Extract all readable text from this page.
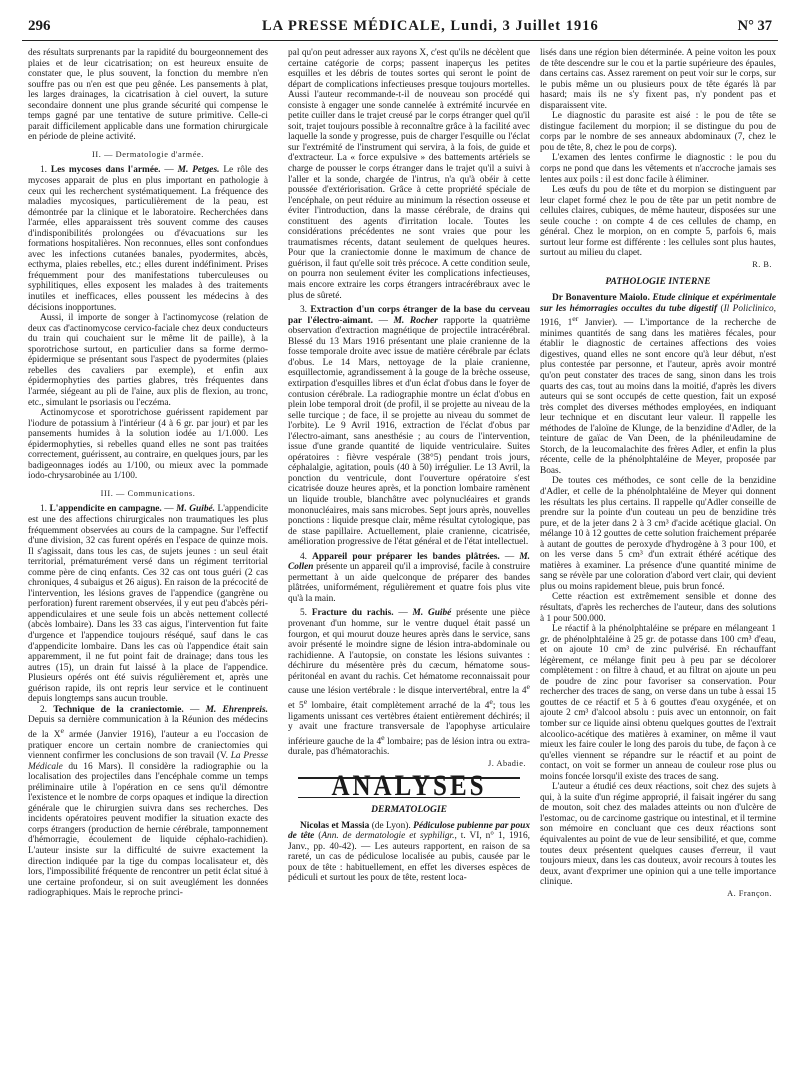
296	LA PRESSE MÉDICALE, Lundi, 3 Juillet 1916	N° 37

des résultats surprenants par la rapidité du bourgeonnement des plaies et de leur cicatrisation; on est heureux ensuite de constater que, le plus souvent, la fonction du membre n'en souffre pas ou n'en est que peu gênée. Les pansements à plat, les larges drainages, la cicatrisation à ciel ouvert, la suture secondaire donnent une plus grande sécurité qui compense le temps gagné par une tentative de suture primitive. Celle-ci parait difficilement applicable dans une formation chirurgicale en période de pleine activité.

II. — Dermatologie d'armée.

1. Les mycoses dans l'armée. — M. Petges. Le rôle des mycoses apparait de plus en plus important en pathologie à ceux qui les recherchent systématiquement. La fréquence des maladies mycosiques, particulièrement de la peau, est démontrée par la clinique et le laboratoire. Recherchées dans l'armée, elles apparaissent très souvent comme des causes d'indisponibilités prolongées ou d'évacuations sur les formations hospitalières. Non reconnues, elles sont confondues avec les infections cutanées banales, pyodermites, abcès, ecthyma, plaies rebelles, etc.; elles durent indéfiniment. Prises fréquemment pour des manifestations tuberculeuses ou syphilitiques, elles exposent les malades à des traitements inutiles et inefficaces, elles poussent les médecins à des décisions inopportunes.

Aussi, il importe de songer à l'actinomycose (relation de deux cas d'actinomycose cervico-faciale chez deux conducteurs du train qui couchaient sur le même lit de paille), à la sporotrichose surtout, en particulier dans sa forme dermo-épidermique se présentant sous l'aspect de pyodermites (plaies rebelles des cavaliers par exemple), et enfin aux épidermophyties des parties glabres, très fréquentes dans l'armée, siégeant au pli de l'aine, aux plis de flexion, au tronc, etc., simulant le psoriasis ou l'eczéma.

Actinomycose et sporotrichose guérissent rapidement par l'iodure de potassium à l'intérieur (4 à 6 gr. par jour) et par les pansements humides à la solution iodée au 1/1.000. Les épidermophyties, si rebelles quand elles ne sont pas traitées correctement, guérissent, au contraire, en quelques jours, par les badigeonnages iodés au 1/100, ou mieux avec la pommade iodo-chrysarobinée au 1/100.

III. — Communications.

1. L'appendicite en campagne. — M. Guibé. L'appendicite est une des affections chirurgicales non traumatiques les plus fréquemment observées au cours de la campagne. Sur l'effectif d'une division, 32 cas furent opérés en l'espace de quinze mois. Il s'agissait, dans tous les cas, de sujets jeunes : un seul était territorial, prématurément versé dans un régiment territorial comme père de cinq enfants. Ces 32 cas ont tous guéri (2 cas chroniques, 4 subaigus et 26 aigus). En raison de la précocité de l'intervention, les lésions graves de l'appendice (gangrène ou perforation) furent rarement observées, il y eut peu d'abcès péri-appendiculaires et une seule fois un abcès nettement collecté (abcès lombaire). Dans les 33 cas aigus, l'intervention fut faite d'urgence et l'appendice toujours réséqué, sauf dans le cas d'appendicite lombaire. Dans les cas où l'appendice était sain apparemment, il ne fut point fait de drainage; dans tous les autres (15), un drain fut laissé à la place de l'appendice. Plusieurs opérés ont été suivis régulièrement et, après une guérison rapide, ils ont repris leur service et le continuent depuis longtemps sans aucun trouble.

2. Technique de la craniectomie. — M. Ehrenpreis. Depuis sa dernière communication à la Réunion des médecins de la Xe armée (Janvier 1916), l'auteur a eu l'occasion de pratiquer encore un certain nombre de craniectomies qui viennent confirmer les conclusions de son travail (V. La Presse Médicale du 16 Mars). Il considère la radiographie ou la localisation des projectiles dans l'encéphale comme un temps préliminaire utile à l'opération en ce sens qu'il démontre l'existence et le nombre de corps opaques et indique la direction générale que le chirurgien suivra dans ses recherches. Des incidents opératoires peuvent modifier la situation exacte des corps étrangers (production de hernie cérébrale, tamponnement d'hémorragie, écoulement de liquide céphalo-rachidien). L'auteur insiste sur la difficulté de suivre exactement la direction indiquée par la tige du compas localisateur et, dès lors, l'impossibilité fréquente de rencontrer un petit éclat situé à une certaine profondeur, si on suit aveuglément les données radiographiques. Mais le reproche princi-

pal qu'on peut adresser aux rayons X, c'est qu'ils ne décèlent que certaine catégorie de corps; passent inaperçus les petites esquilles et les débris de toutes sortes qui seront le point de départ de complications infectieuses presque toujours mortelles. Aussi l'auteur recommande-t-il de nouveau son procédé qui consiste à engager une sonde cannelée à extrémité incurvée en petite cuiller dans le trajet creusé par le corps étranger quel qu'il soit, trajet toujours possible à reconnaître grâce à la facilité avec laquelle la sonde y progresse, puis de charger l'esquille ou l'éclat sur l'extrémité de l'instrument qui servira, à la fois, de guide et d'extracteur. La « force expulsive » des battements artériels se charge de pousser le corps étranger dans le trajet qu'il a suivi à l'aller et la sonde, chargée de l'intrus, n'a qu'à obéir à cette poussée d'extériorisation. Grâce à cette propriété spéciale de l'encéphale, on peut réduire au minimum la résection osseuse et éviter l'introduction, dans la masse cérébrale, de drains qui constituent des agents d'irritation locale. Toutes les considérations précédentes ne sont vraies que pour les traumatismes récents, datant seulement de quelques heures. Pour que la craniectomie donne le maximum de chance de guérison, il faut qu'elle soit très précoce. A cette condition seule, on pourra non seulement éviter les complications infectieuses, mais encore extraire les corps étrangers intracérébraux avec le plus de sûreté.

3. Extraction d'un corps étranger de la base du cerveau par l'électro-aimant. — M. Rocher rapporte la quatrième observation d'extraction magnétique de projectile intracérébral. Blessé du 13 Mars 1916 présentant une plaie cranienne de la fosse temporale droite avec issue de matière cérébrale par éclats d'obus. Le 14 Mars, nettoyage de la plaie cranienne, esquillectomie, agrandissement à la gouge de la brèche osseuse, extirpation d'esquilles libres et d'un éclat d'obus dans le foyer de contusion cérébrale. La radiographie montre un éclat d'obus en plein lobe temporal droit (de profil, il se projette au niveau de la selle turcique ; de face, il se projette au niveau du sommet de l'orbite). Le 9 Avril 1916, extraction de l'éclat d'obus par l'électro-aimant, sans anesthésie ; au cours de l'intervention, issue d'une grande quantité de liquide ventriculaire. Suites opératoires : fièvre vespérale (38°5) pendant trois jours, céphalalgie, agitation, pouls (40 à 50) irrégulier. Le 13 Avril, la ponction du ventricule, dont l'ouverture opératoire s'est cicatrisée douze heures après, et la ponction lombaire ramènent un liquide trouble, blanchâtre avec polynucléaires et grands mononucléaires, mais sans microbes. Sept jours après, nouvelles ponctions : liquide presque clair, même résultat cytologique, pas de stase papillaire. Actuellement, plaie cranienne, cicatrisée, amélioration progressive de l'état général et de l'état intellectuel.

4. Appareil pour préparer les bandes plâtrées. — M. Collen présente un appareil qu'il a improvisé, facile à construire permettant à un aide quelconque de préparer des bandes plâtrées, uniformément, régulièrement et quatre fois plus vite qu'à la main.

5. Fracture du rachis. — M. Guibé présente une pièce provenant d'un homme, sur le ventre duquel était passé un fourgon, et qui mourut douze heures après dans le service, sans avoir présenté le moindre signe de lésion intra-abdominale ou rachidienne. A l'autopsie, on constate les lésions suivantes : déchirure du mésentère près du cæcum, hématome sous-péritonéal en avant du rachis. Cet hématome reconnaissait pour cause une lésion vertébrale : le disque intervertébral, entre la 4e et 5e lombaire, était complètement arraché de la 4e; tous les ligaments unissant ces vertèbres étaient entièrement déchirés; il y avait une fracture transversale de l'apophyse articulaire inférieure gauche de la 4e lombaire; pas de lésion intra ou extra-durale, pas d'hématorachis.

J. Abadie.
ANALYSES
DERMATOLOGIE

Nicolas et Massia (de Lyon). Pédiculose pubienne par poux de tête (Ann. de dermatologie et syphiligr., t. VI, n° 1, 1916, Janv., pp. 40-42). — Les auteurs rapportent, en raison de sa rareté, un cas de pédiculose localisée au pubis, causée par le poux de tête : habituellement, en effet les diverses espèces de pédiculi et surtout les poux de tête, restent loca-

lisés dans une région bien déterminée. A peine voiton les poux de tête descendre sur le cou et la partie supérieure des épaules, dans certains cas. Assez rarement on peut voir sur le corps, sur le pubis même un ou plusieurs poux de tête égarés là par hasard; mais ils ne s'y fixent pas, n'y pondent pas et disparaissent vite.

Le diagnostic du parasite est aisé : le pou de tête se distingue facilement du morpion; il se distingue du pou de corps par le nombre de ses anneaux abdominaux (7, chez le pou de tête, 8, chez le pou de corps).

L'examen des lentes confirme le diagnostic : le pou du corps ne pond que dans les vêtements et n'accroche jamais ses lentes aux poils : il est donc facile à éliminer.

Les œufs du pou de tête et du morpion se distinguent par leur clapet formé chez le pou de tête par un petit nombre de cellules claires, cubiques, de même hauteur, disposées sur une seule couche : on compte 4 de ces cellules de champ, en général. Chez le morpion, on en compte 5, parfois 6, mais surtout leur forme est différente : les cellules sont plus hautes, surtout au milieu du clapet.

R. B.
PATHOLOGIE INTERNE

Dr Bonaventure Maiolo. Etude clinique et expérimentale sur les hémorragies occultes du tube digestif (Il Policlinico, 1916, 1er Janvier). — L'importance de la recherche de minimes quantités de sang dans les matières fécales, pour établir le diagnostic de certaines affections des voies digestives, quand elles ne sont encore qu'à leur début, n'est plus contestée par personne, et l'auteur, après avoir montré qu'on peut constater des traces de sang, sinon dans les trois quarts des cas, tout au moins dans la moitié, d'après les divers auteurs qui se sont occupés de cette question, fait un exposé très complet des diverses méthodes employées, en indiquant leur technique et en discutant leur valeur. Il rappelle les méthodes de l'aloïne de Klunge, de la benzidine d'Adler, de la teinture de gaïac de Van Deen, de la phénileudamine de Storch, de la leucomalachite des frères Adler, et enfin la plus récente, celle de la phénolphtaléine de Meyer, proposée par Boas.

De toutes ces méthodes, ce sont celle de la benzidine d'Adler, et celle de la phénolphtaléine de Meyer qui donnent les résultats les plus certains. Il rappelle qu'Adler conseille de prendre sur la pointe d'un couteau un peu de benzidine très pure, et de la jeter dans 2 à 3 cm³ d'acide acétique glacial. On mélange 10 à 12 gouttes de cette solution fraichement préparée à autant de gouttes de peroxyde d'hydrogène à 3 pour 100, et on les verse dans 5 cm³ d'un extrait éthéré acétique des matières à examiner. La présence d'une quantité minime de sang se révèle par une coloration d'abord vert clair, qui devient plus ou moins rapidement bleue, puis brun foncé.

Cette réaction est extrêmement sensible et donne des résultats, d'après les recherches de l'auteur, dans des solutions à 1 pour 500.000.

Le réactif à la phénolphtaléine se prépare en mélangeant 1 gr. de phénolphtaléine à 25 gr. de potasse dans 100 cm³ d'eau, et on ajoute 10 cm³ de zinc pulvérisé. En réchauffant légèrement, ce mélange finit peu à peu par se décolorer complètement : on filtre à chaud, et au filtrat on ajoute un peu de poudre de zinc pour favoriser sa conservation. Pour rechercher des traces de sang, on verse dans un tube à essai 15 gouttes de ce réactif et 5 à 6 gouttes d'eau oxygénée, et on ajoute 2 cm³ d'alcool absolu : puis avec un entonnoir, on fait tomber sur ce liquide ainsi obtenu quelques gouttes de l'extrait alcoolico-acétique des matières à examiner, on même il vaut mieux les faire couler le long des parois du tube, de façon à ce qu'elles viennent se répandre sur le réactif et au point de contact, on voit se former un anneau de couleur rose plus ou moins foncée lorsqu'il existe des traces de sang.

L'auteur a étudié ces deux réactions, soit chez des sujets à qui, à la suite d'un régime approprié, il faisait ingérer du sang de mouton, soit chez des malades atteints ou non d'ulcère de l'estomac, ou de carcinome gastrique ou intestinal, et il termine son mémoire en concluant que ces deux réactions sont équivalentes au point de vue de leur sensibilité, et que, comme toutes deux présentent quelques causes d'erreur, il vaut toujours mieux, dans les cas douteux, avoir recours à toutes les deux, avant d'exprimer une opinion qui a une telle importance clinique.

A. Françon.
